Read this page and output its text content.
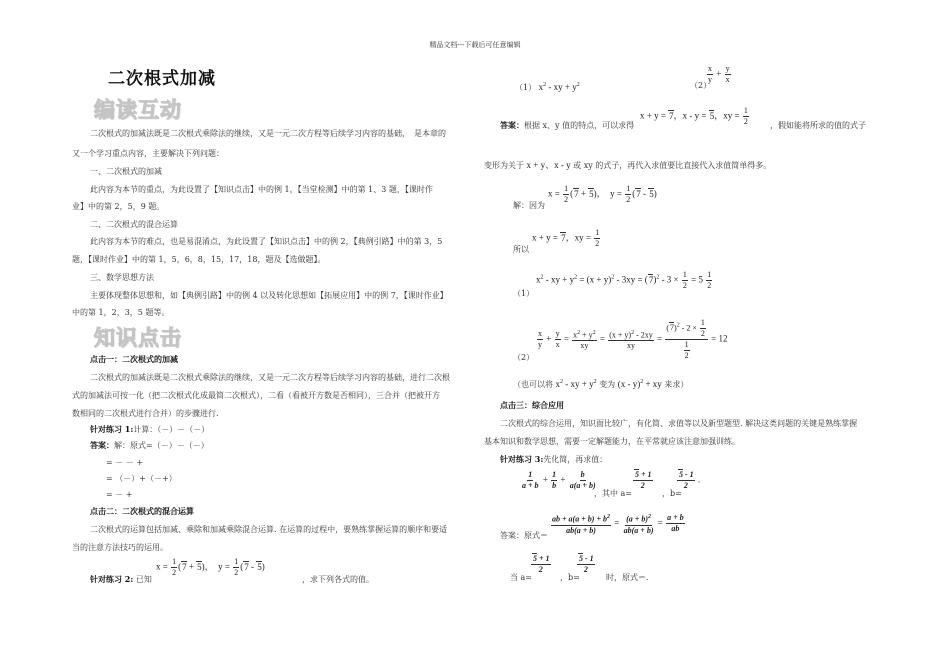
精品文档---下载后可任意编辑
二次根式加减
编读互动
二次根式的加减法既是二次根式乘除法的继续，又是一元二次方程等后续学习内容的基础，　是本章的
又一个学习重点内容，主要解决下列问题：
一、二次根式的加减
此内容为本节的重点，为此设置了【知识点击】中的例 1，【当堂检测】中的第 1、3 题，【课时作
业】中的第 2，5，9 题。
二、二次根式的混合运算
此内容为本节的难点，也是易混淆点，为此设置了【知识点击】中的例 2，【典例引路】中的第 3，5
题，【课时作业】中的第 1，5，6，8，15，17，18，题及【选做题】。
三、数学思想方法
主要体现整体思想和，如【典例引路】中的例 4 以及转化思想如【拓展应用】中的例 7，【课时作业】
中的第 1，2，3，5 题等。
知识点击
点击一：二次根式的加减
二次根式的加减法既是二次根式乘除法的继续，又是一元二次方程等后续学习内容的基础，进行二次根
式的加减法可按一化（把二次根式化成最简二次根式），二看（看被开方数是否相同），三合并（把被开方
数相同的二次根式进行合并）的步骤进行.
针对练习 1:计算：（－）－（－）
答案：解：原式=（－）－（－）
= － － +
= （－）+（－+）
= － +
点击二：二次根式的混合运算
二次根式的运算包括加减、乘除和加减乘除混合运算. 在运算的过程中，要熟练掌握运算的顺序和要适
当的注意方法技巧的运用。
针对练习 2: 已知
$x = \frac{1}{2} (7 + 5)$，  $y = \frac{1}{2} (7 - 5)$
，求下列各式的值。
（1） $x^2$ - xy + $y^2$	（2）
$\frac{x}{y} + \frac{y}{x}$
答案：根据 x、y 值的特点，可以求得
x + y = 7，x - y = 5，xy = $\frac{1}{2}$	，假如能将所求的值的式子
变形为关于 x + y、x - y 或 xy 的式子，再代入求值要比直接代入求值简单得多。
解：因为
$x = \frac{1}{2} (7 + 5)$，  $y = \frac{1}{2} (7 - 5)$
所以
x + y = 7，xy = $\frac{1}{2}$
（1）
$x^2$ - xy + $y^2 = (x + y)^2 - 3xy = (7)^2 - 3 \times \frac{1}{2} = 5 \frac{1}{2}$
（2）
$\frac{x}{y} + \frac{y}{x} = \frac{x^2 + y^2}{xy} = \frac{(x + y)^2 - 2xy}{xy} = \frac{(7)^2 - 2 \times \frac{1}{2}}{\frac{1}{2}} = 12$
（也可以将 $x^2$ - xy + $y^2$ 变为 (x - y)$^2$ + xy 来求）
点击三：综合应用
二次根式的综合运用，知识面比较广，有化简、求值等以及新型题型. 解决这类问题的关键是熟练掌握
基本知识和数学思想，需要一定解题能力，在平常就应该注意加强训练。
针对练习 3:先化简，再求值：
$\frac{1}{a + b} + \frac{1}{b} + \frac{b}{a(a + b)}$
，其中 a=
$\frac{5 + 1}{2}$
，b=
$\frac{5 - 1}{2}$ .
答案：原式＝ $\frac{ab + a(a + b) + b^2}{ab(a + b)} = \frac{(a + b)^2}{ab(a + b)} = \frac{a + b}{ab}$
当 a=
$\frac{5 + 1}{2}$
，b=
$\frac{5 - 1}{2}$
时，原式＝.
